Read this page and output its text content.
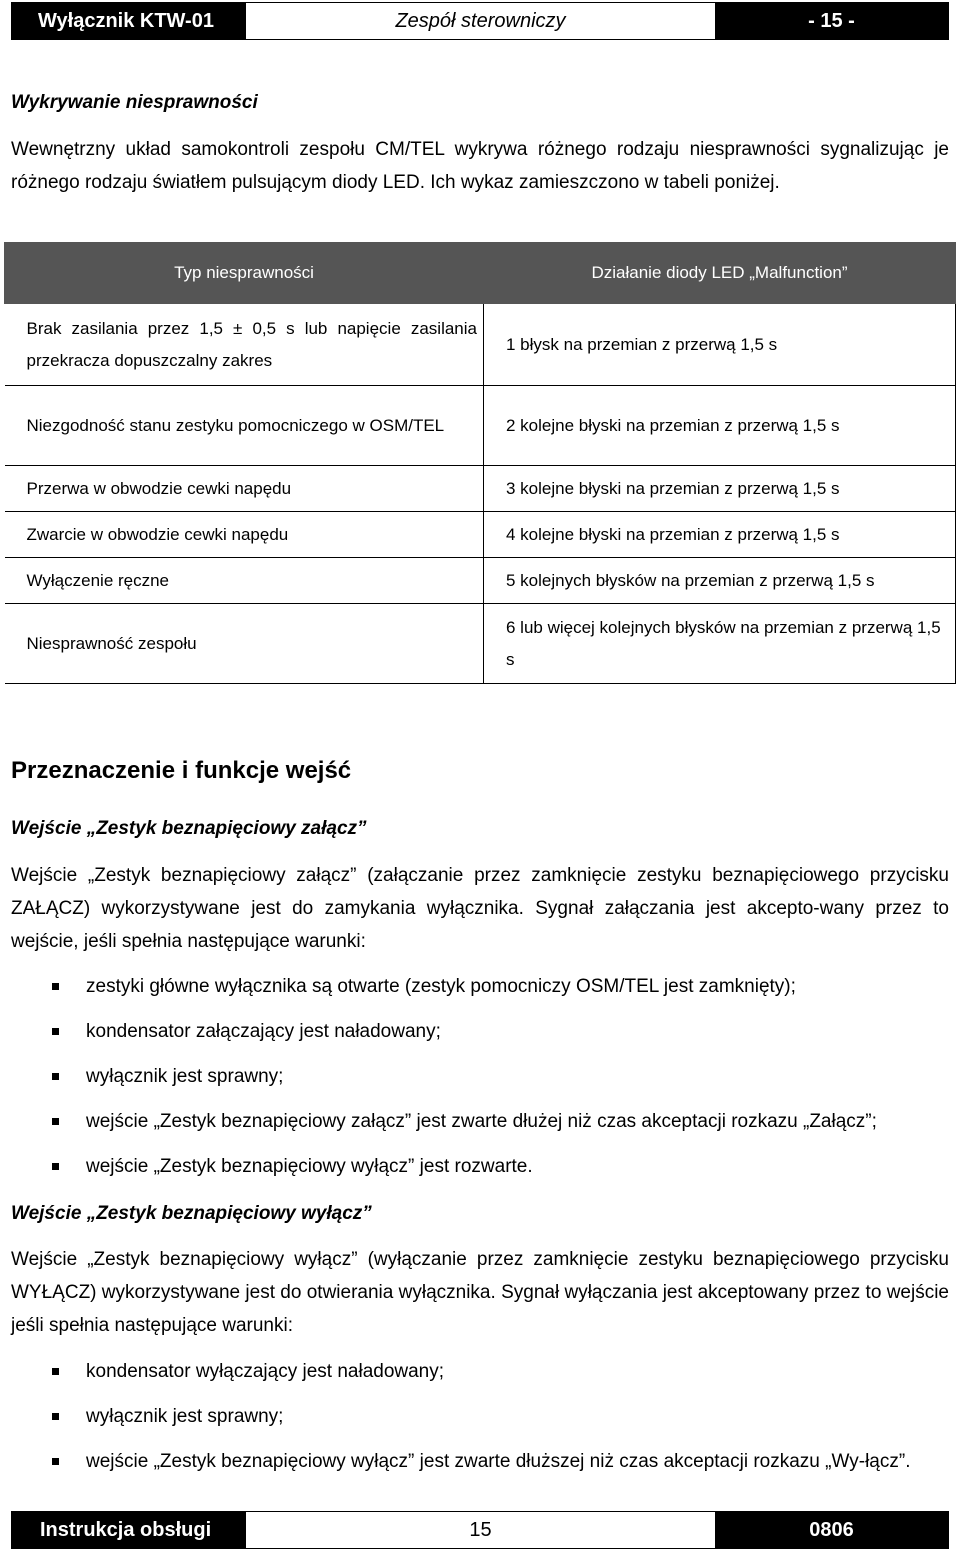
Wyłącznik KTW-01	Zespół sterowniczy	- 15 -
Wykrywanie niesprawności

Wewnętrzny układ samokontroli zespołu CM/TEL wykrywa różnego rodzaju niesprawności sygnalizując je różnego rodzaju światłem pulsującym diody LED. Ich wykaz zamieszczono w tabeli poniżej.

Typ niesprawności	Działanie diody LED „Malfunction”
Brak zasilania przez 1,5 ± 0,5 s lub napięcie zasilania przekracza dopuszczalny zakres	1 błysk na przemian z przerwą 1,5 s
Niezgodność stanu zestyku pomocniczego w OSM/TEL	2 kolejne błyski na przemian z przerwą 1,5 s
Przerwa w obwodzie cewki napędu	3 kolejne błyski na przemian z przerwą 1,5 s
Zwarcie w obwodzie cewki napędu	4 kolejne błyski na przemian z przerwą 1,5 s
Wyłączenie ręczne	5 kolejnych błysków na przemian z przerwą 1,5 s
Niesprawność zespołu	6 lub więcej kolejnych błysków na przemian z przerwą 1,5 s
Przeznaczenie i funkcje wejść
Wejście „Zestyk beznapięciowy załącz”

Wejście „Zestyk beznapięciowy załącz” (załączanie przez zamknięcie zestyku beznapięciowego przycisku ZAŁĄCZ) wykorzystywane jest do zamykania wyłącznika. Sygnał załączania jest akcepto-wany przez to wejście, jeśli spełnia następujące warunki:

zestyki główne wyłącznika są otwarte (zestyk pomocniczy OSM/TEL jest zamknięty);
kondensator załączający jest naładowany;
wyłącznik jest sprawny;
wejście „Zestyk beznapięciowy załącz” jest zwarte dłużej niż czas akceptacji rozkazu „Załącz”;
wejście „Zestyk beznapięciowy wyłącz” jest rozwarte.
Wejście „Zestyk beznapięciowy wyłącz”

Wejście „Zestyk beznapięciowy wyłącz” (wyłączanie przez zamknięcie zestyku beznapięciowego przycisku WYŁĄCZ) wykorzystywane jest do otwierania wyłącznika. Sygnał wyłączania jest akceptowany przez to wejście jeśli spełnia następujące warunki:

kondensator wyłączający jest naładowany;
wyłącznik jest sprawny;
wejście „Zestyk beznapięciowy wyłącz” jest zwarte dłuższej niż czas akceptacji rozkazu „Wy-łącz”.
Instrukcja obsługi	15	0806
